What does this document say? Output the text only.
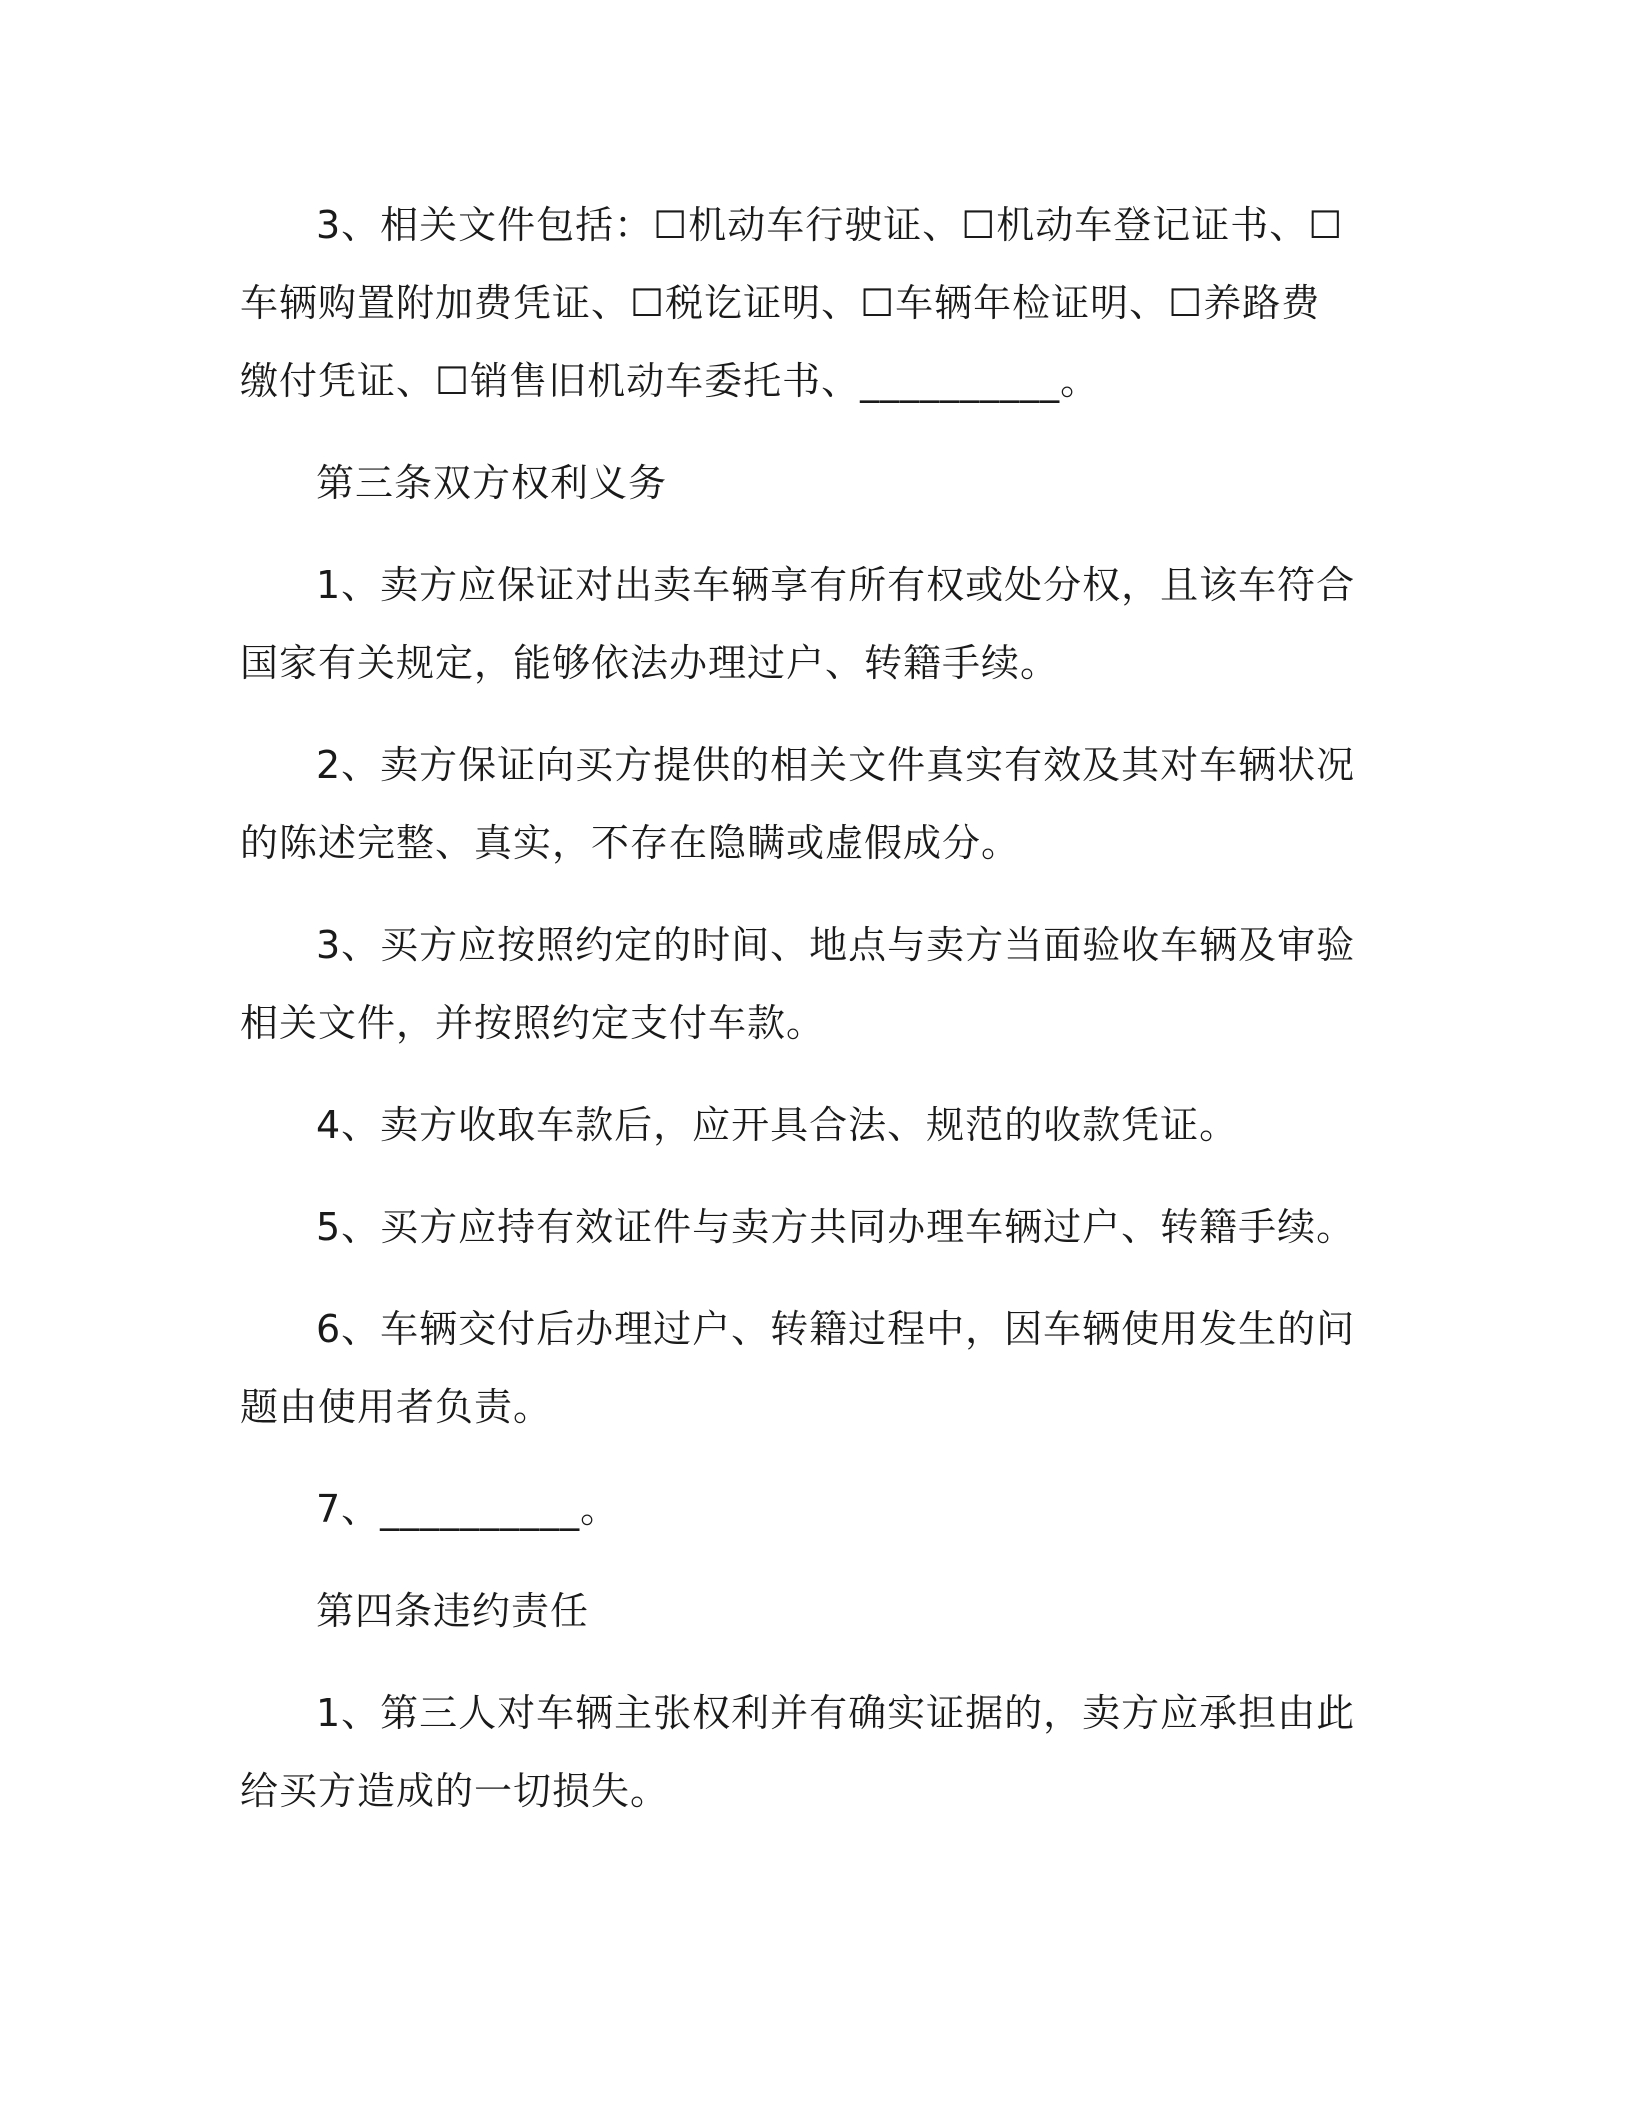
3、相关文件包括：☐机动车行驶证、☐机动车登记证书、☐车辆购置附加费凭证、☐税讫证明、☐车辆年检证明、☐养路费缴付凭证、☐销售旧机动车委托书、__________。

第三条双方权利义务

1、卖方应保证对出卖车辆享有所有权或处分权，且该车符合国家有关规定，能够依法办理过户、转籍手续。

2、卖方保证向买方提供的相关文件真实有效及其对车辆状况的陈述完整、真实，不存在隐瞒或虚假成分。

3、买方应按照约定的时间、地点与卖方当面验收车辆及审验相关文件，并按照约定支付车款。

4、卖方收取车款后，应开具合法、规范的收款凭证。

5、买方应持有效证件与卖方共同办理车辆过户、转籍手续。

6、车辆交付后办理过户、转籍过程中，因车辆使用发生的问题由使用者负责。

7、__________。

第四条违约责任

1、第三人对车辆主张权利并有确实证据的，卖方应承担由此给买方造成的一切损失。
